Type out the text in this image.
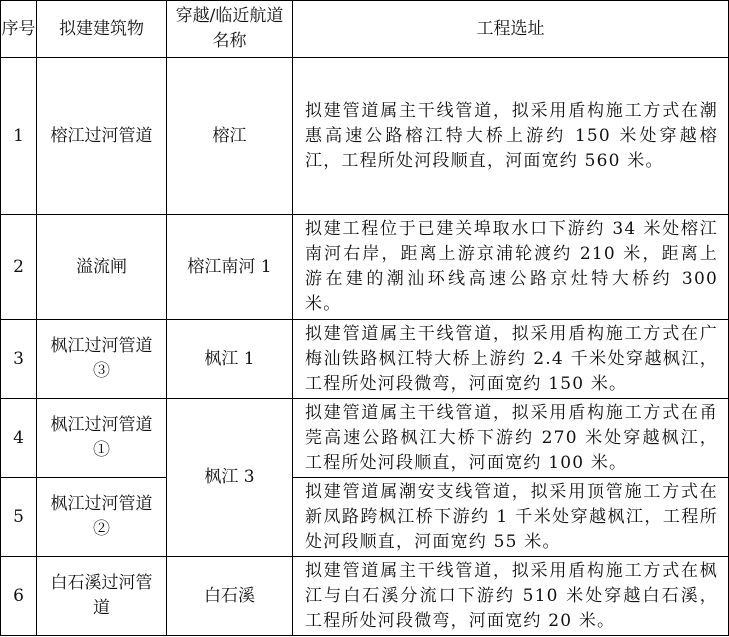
序号	拟建建筑物	穿越/临近航道名称	工程选址
1	榕江过河管道	榕江	拟建管道属主干线管道，拟采用盾构施工方式在潮惠高速公路榕江特大桥上游约 150 米处穿越榕江，工程所处河段顺直，河面宽约 560 米。
2	溢流闸	榕江南河 1	拟建工程位于已建关埠取水口下游约 34 米处榕江南河右岸，距离上游京浦轮渡约 210 米，距离上游在建的潮汕环线高速公路京灶特大桥约 300 米。
3	枫江过河管道③	枫江 1	拟建管道属主干线管道，拟采用盾构施工方式在广梅汕铁路枫江特大桥上游约 2.4 千米处穿越枫江，工程所处河段微弯，河面宽约 150 米。
4	枫江过河管道①	枫江 3	拟建管道属主干线管道，拟采用盾构施工方式在甬莞高速公路枫江大桥下游约 270 米处穿越枫江，工程所处河段顺直，河面宽约 100 米。
5	枫江过河管道②		拟建管道属潮安支线管道，拟采用顶管施工方式在新凤路跨枫江桥下游约 1 千米处穿越枫江，工程所处河段顺直，河面宽约 55 米。
6	白石溪过河管道	白石溪	拟建管道属主干线管道，拟采用盾构施工方式在枫江与白石溪分流口下游约 510 米处穿越白石溪，工程所处河段微弯，河面宽约 20 米。
